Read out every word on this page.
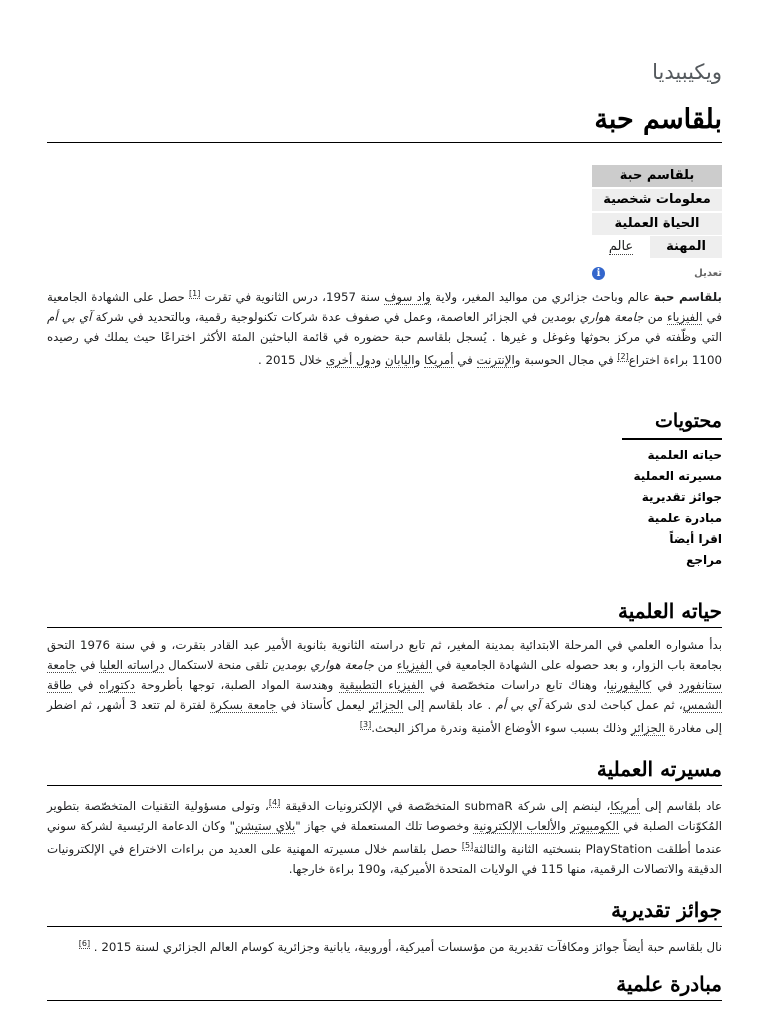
ويكيبيديا
بلقاسم حبة
بلقاسم حبة
معلومات شخصية
الحياة العملية
المهنة
عالم
تعديل
i

بلقاسم حبة عالم وباحث جزائري من مواليد المغير، ولاية واد سوف سنة 1957، درس الثانوية في تقرت [1] حصل على الشهادة الجامعية في الفيزياء من جامعة هواري بومدين في الجزائر العاصمة، وعمل في صفوف عدة شركات تكنولوجية رقمية، وبالتحديد في شركة آي بي أم التي وظّفته في مركز بحوثها وغوغل و غيرها . يُسجل بلقاسم حبة حضوره في قائمة الباحثين المئة الأكثر اختراعًا حيث يملك في رصيده 1100 براءة اختراع[2] في مجال الحوسبة والإنترنت في أمريكا واليابان ودول أخرى خلال 2015 .

محتويات
حياته العلمية
مسيرته العملية
جوائز تقديرية
مبادرة علمية
اقرا أيضاً
مراجع
حياته العلمية

بدأ مشواره العلمي في المرحلة الابتدائية بمدينة المغير، ثم تابع دراسته الثانوية بثانوية الأمير عبد القادر بتقرت، و في سنة 1976 التحق بجامعة باب الزوار، و بعد حصوله على الشهادة الجامعية في الفيزياء من جامعة هواري بومدين تلقى منحة لاستكمال دراساته العليا في جامعة ستانفورد في كاليفورنيا، وهناك تابع دراسات متخصّصة في الفيزياء التطبيقية وهندسة المواد الصلبة، توجها بأطروحة دكتوراه في طاقة الشمس، ثم عمل كباحث لدى شركة آي بي أم . عاد بلقاسم إلى الجزائر ليعمل كأستاذ في جامعة بسكرة لفترة لم تتعد 3 أشهر، ثم اضطر إلى مغادرة الجزائر وذلك بسبب سوء الأوضاع الأمنية وندرة مراكز البحث.[3]

مسيرته العملية

عاد بلقاسم إلى أمريكا، لينضم إلى شركة submaR المتخصّصة في الإلكترونيات الدقيقة [4]، وتولى مسؤولية التقنيات المتخصّصة بتطوير المُكوّنات الصلبة في الكومبيوتر والألعاب الإلكترونية وخصوصا تلك المستعملة في جهاز "بلاي ستيشن" وكان الدعامة الرئيسية لشركة سوني عندما أطلقت PlayStation بنسختيه الثانية والثالثة[5] حصل بلقاسم خلال مسيرته المهنية على العديد من براءات الاختراع في الإلكترونيات الدقيقة والاتصالات الرقمية، منها 115 في الولايات المتحدة الأميركية، و190 براءة خارجها.

جوائز تقديرية

نال بلقاسم حبة أيضاً جوائز ومكافآت تقديرية من مؤسسات أميركية، أوروبية، يابانية وجزائرية كوسام العالم الجزائري لسنة 2015 . [6]

مبادرة علمية
